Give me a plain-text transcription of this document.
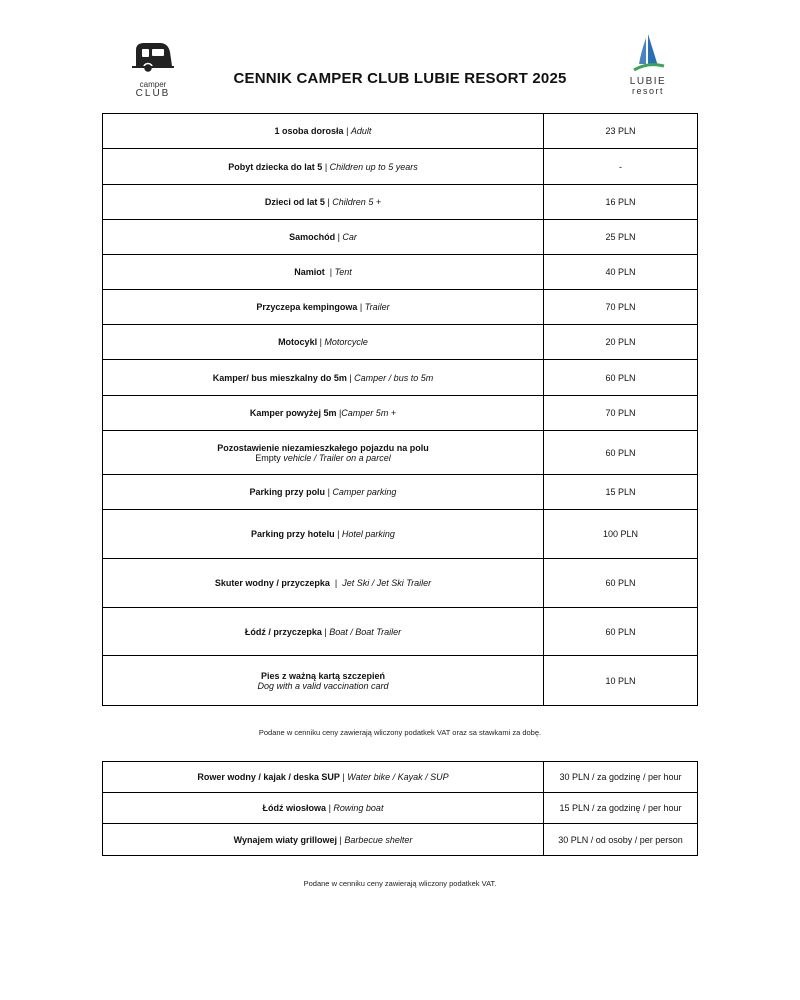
camper
CLUB
CENNIK CAMPER CLUB LUBIE RESORT 2025	LUBIE
resort
1 osoba dorosła | Adult	23 PLN
Pobyt dziecka do lat 5 | Children up to 5 years	-
Dzieci od lat 5 | Children 5 +	16 PLN
Samochód | Car	25 PLN
Namiot  | Tent	40 PLN
Przyczepa kempingowa | Trailer	70 PLN
Motocykl | Motorcycle	20 PLN
Kamper/ bus mieszkalny do 5m | Camper / bus to 5m	60 PLN
Kamper powyżej 5m |Camper 5m +	70 PLN

Pozostawienie niezamieszkałego pojazdu na polu
Empty vehicle / Trailer on a parcel	60 PLN
Parking przy polu | Camper parking	15 PLN
Parking przy hotelu | Hotel parking	100 PLN
Skuter wodny / przyczepka  |  Jet Ski / Jet Ski Trailer	60 PLN
Łódź / przyczepka | Boat / Boat Trailer	60 PLN

Pies z ważną kartą szczepień
Dog with a valid vaccination card	10 PLN
Podane w cenniku ceny zawierają wliczony podatkek VAT oraz sa stawkami za dobę.
Rower wodny / kajak / deska SUP | Water bike / Kayak / SUP	30 PLN / za godzinę / per hour
Łódź wiosłowa | Rowing boat	15 PLN / za godzinę / per hour
Wynajem wiaty grillowej | Barbecue shelter	30 PLN / od osoby / per person
Podane w cenniku ceny zawierają wliczony podatkek VAT.
